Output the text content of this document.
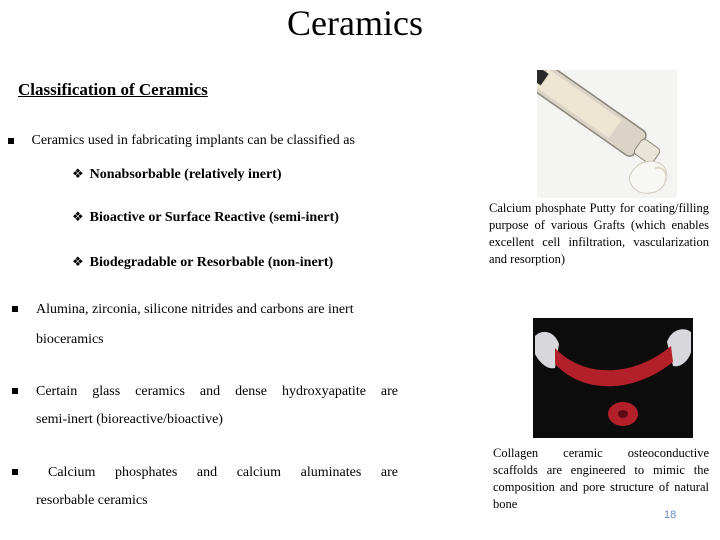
Ceramics
Classification of Ceramics
Ceramics used in fabricating implants can be classified as
❖ Nonabsorbable (relatively inert)
❖ Bioactive or Surface Reactive (semi-inert)
❖ Biodegradable or Resorbable (non-inert)
Alumina, zirconia, silicone nitrides and carbons are inert
bioceramics
Certain glass ceramics and dense hydroxyapatite are
semi-inert (bioreactive/bioactive)
Calcium phosphates and calcium aluminates are
resorbable ceramics
Calcium phosphate Putty for coating/filling purpose of various Grafts (which enables excellent cell infiltration, vascularization and resorption)
Collagen ceramic osteoconductive scaffolds are engineered to mimic the composition and pore structure of natural bone
18
